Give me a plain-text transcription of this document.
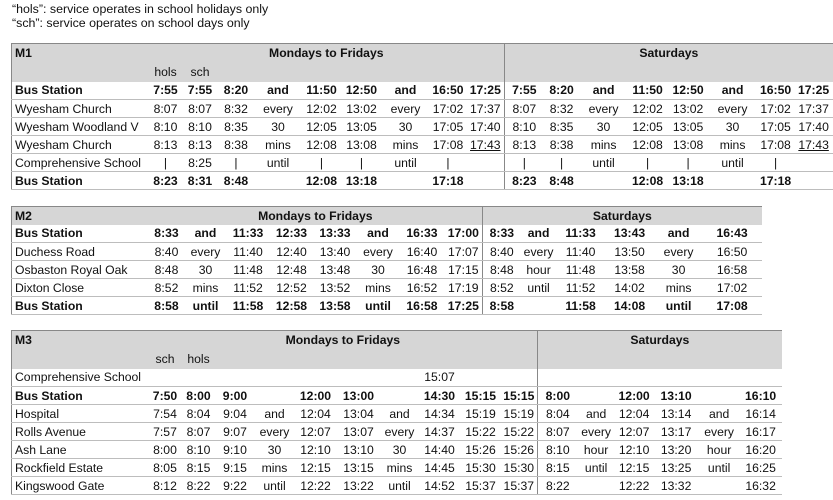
“hols”: service operates in school holidays only
“sch”: service operates on school days only
M1	Mondays to Fridays									Saturdays							
	hols	sch															
Bus Station	7:55	7:55	8:20	and	11:50	12:50	and	16:50	17:25	7:55	8:20	and	11:50	12:50	and	16:50	17:25
Wyesham Church	8:07	8:07	8:32	every	12:02	13:02	every	17:02	17:37	8:07	8:32	every	12:02	13:02	every	17:02	17:37
Wyesham Woodland V	8:10	8:10	8:35	30	12:05	13:05	30	17:05	17:40	8:10	8:35	30	12:05	13:05	30	17:05	17:40
Wyesham Church	8:13	8:13	8:38	mins	12:08	13:08	mins	17:08	17:43	8:13	8:38	mins	12:08	13:08	mins	17:08	17:43
Comprehensive School	|	8:25	|	until	|	|	until	|		|	|	until	|	|	until	|	
Bus Station	8:23	8:31	8:48		12:08	13:18		17:18		8:23	8:48		12:08	13:18		17:18	
M2	Mondays to Fridays								Saturdays					
Bus Station	8:33	and	11:33	12:33	13:33	and	16:33	17:00	8:33	and	11:33	13:43	and	16:43
Duchess Road	8:40	every	11:40	12:40	13:40	every	16:40	17:07	8:40	every	11:40	13:50	every	16:50
Osbaston Royal Oak	8:48	30	11:48	12:48	13:48	30	16:48	17:15	8:48	hour	11:48	13:58	30	16:58
Dixton Close	8:52	mins	11:52	12:52	13:52	mins	16:52	17:19	8:52	until	11:52	14:02	mins	17:02
Bus Station	8:58	until	11:58	12:58	13:58	until	16:58	17:25	8:58		11:58	14:08	until	17:08
M3	Mondays to Fridays										Saturdays					
	sch	hols														
Comprehensive School								15:07								
Bus Station	7:50	8:00	9:00		12:00	13:00		14:30	15:15	15:15	8:00		12:00	13:10		16:10
Hospital	7:54	8:04	9:04	and	12:04	13:04	and	14:34	15:19	15:19	8:04	and	12:04	13:14	and	16:14
Rolls Avenue	7:57	8:07	9:07	every	12:07	13:07	every	14:37	15:22	15:22	8:07	every	12:07	13:17	every	16:17
Ash Lane	8:00	8:10	9:10	30	12:10	13:10	30	14:40	15:26	15:26	8:10	hour	12:10	13:20	hour	16:20
Rockfield Estate	8:05	8:15	9:15	mins	12:15	13:15	mins	14:45	15:30	15:30	8:15	until	12:15	13:25	until	16:25
Kingswood Gate	8:12	8:22	9:22	until	12:22	13:22	until	14:52	15:37	15:37	8:22		12:22	13:32		16:32
